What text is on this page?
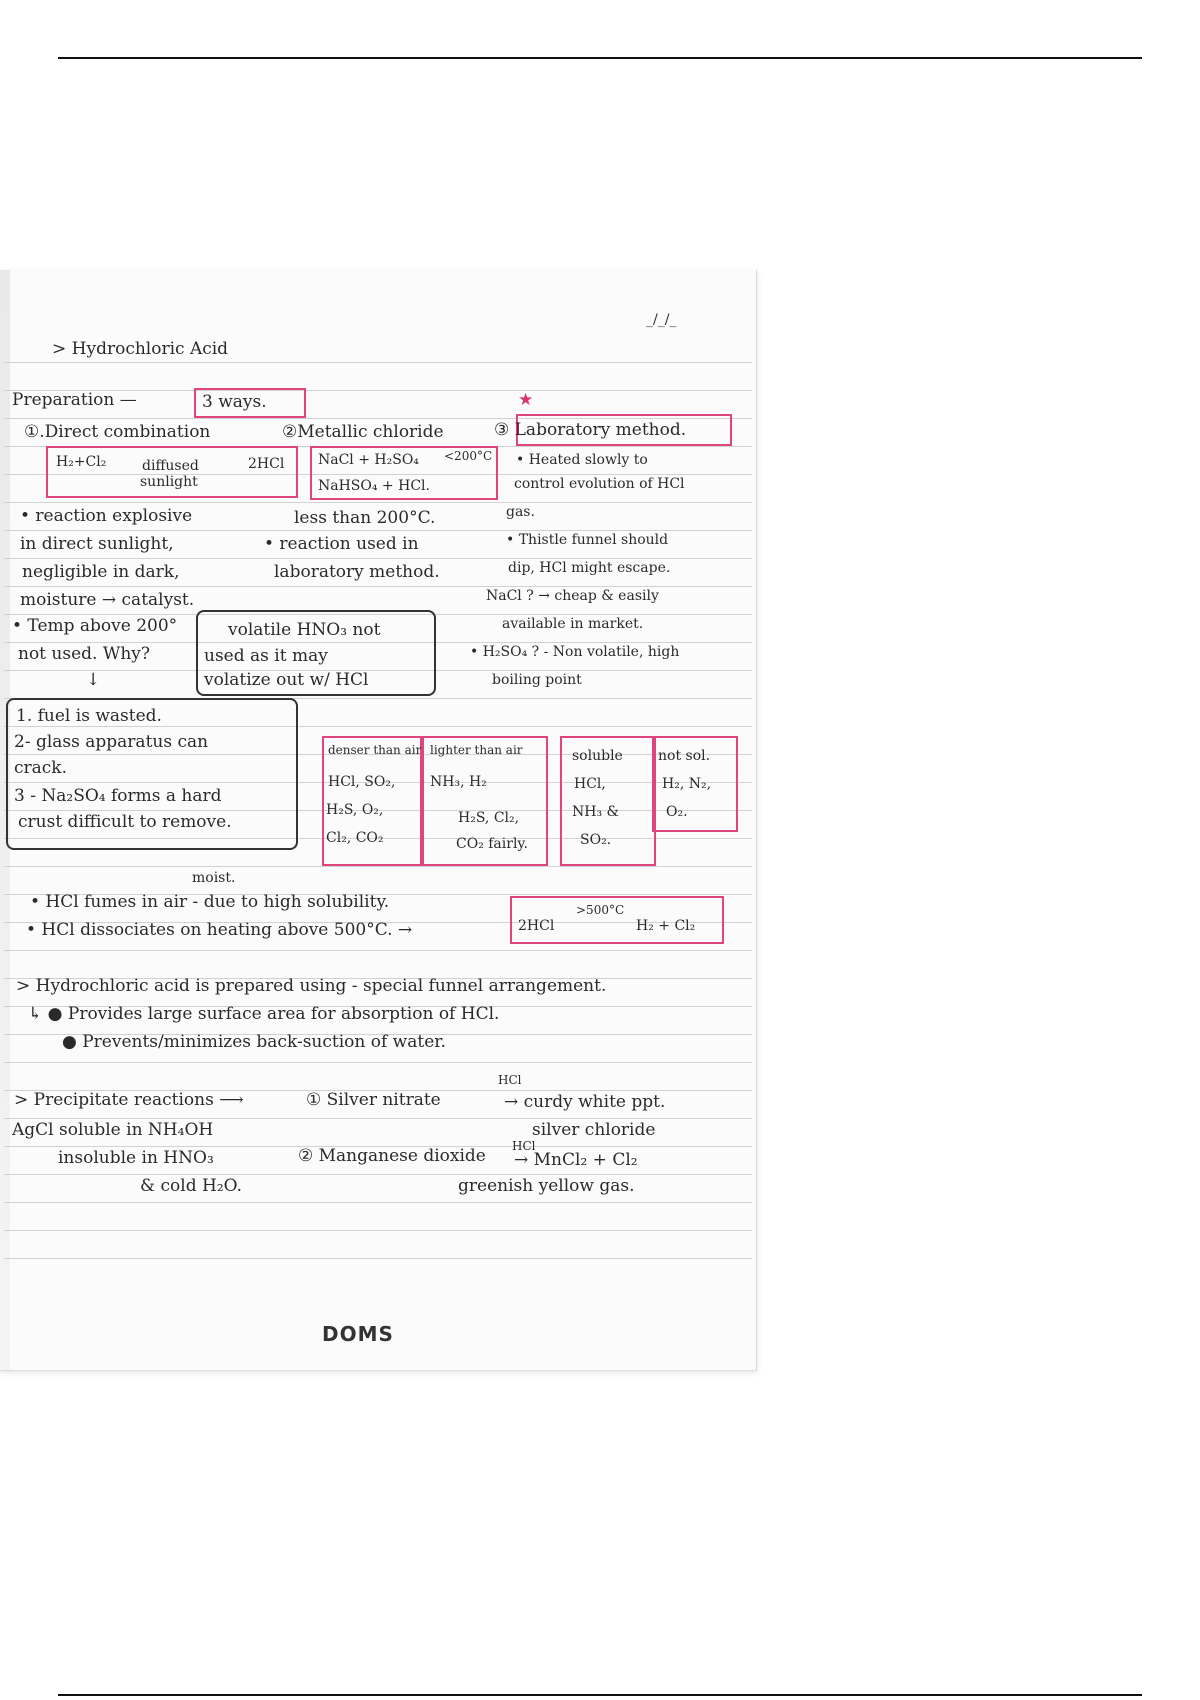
> Hydrochloric Acid
_/_/_
Preparation —	3 ways.	★
①.Direct combination	②Metallic chloride	③ Laboratory method.
H₂+Cl₂	diffused
sunlight
2HCl NaCl + H₂SO₄ <200°C
NaHSO₄ + HCl.
• Heated slowly to
control evolution of HCl
gas.
• Thistle funnel should
dip, HCl might escape.
NaCl ? → cheap & easily
available in market.
• H₂SO₄ ? - Non volatile, high
boiling point
• reaction explosive
in direct sunlight,
negligible in dark,
moisture → catalyst.
less than 200°C.
• reaction used in
laboratory method.
• Temp above 200°
not used. Why?
↓
volatile HNO₃ not
used as it may
volatize out w/ HCl
1. fuel is wasted.
2- glass apparatus can
crack.
3 - Na₂SO₄ forms a hard
crust difficult to remove.
denser than air
HCl, SO₂,
H₂S, O₂,
Cl₂, CO₂
lighter than air
NH₃, H₂
H₂S, Cl₂,
CO₂ fairly.
soluble
HCl,
NH₃ &
SO₂.
not sol.
H₂, N₂,
O₂.
moist.
• HCl fumes in air - due to high solubility.
• HCl dissociates on heating above 500°C. →	2HCl
>500°C
H₂ + Cl₂
> Hydrochloric acid is prepared using - special funnel arrangement.
↳ ● Provides large surface area for absorption of HCl.
● Prevents/minimizes back-suction of water.
> Precipitate reactions ⟶	① Silver nitrate
HCl
→ curdy white ppt.
AgCl soluble in NH₄OH	silver chloride
insoluble in HNO₃	② Manganese dioxide HCl
→ MnCl₂ + Cl₂
& cold H₂O.	greenish yellow gas.
DOMS
